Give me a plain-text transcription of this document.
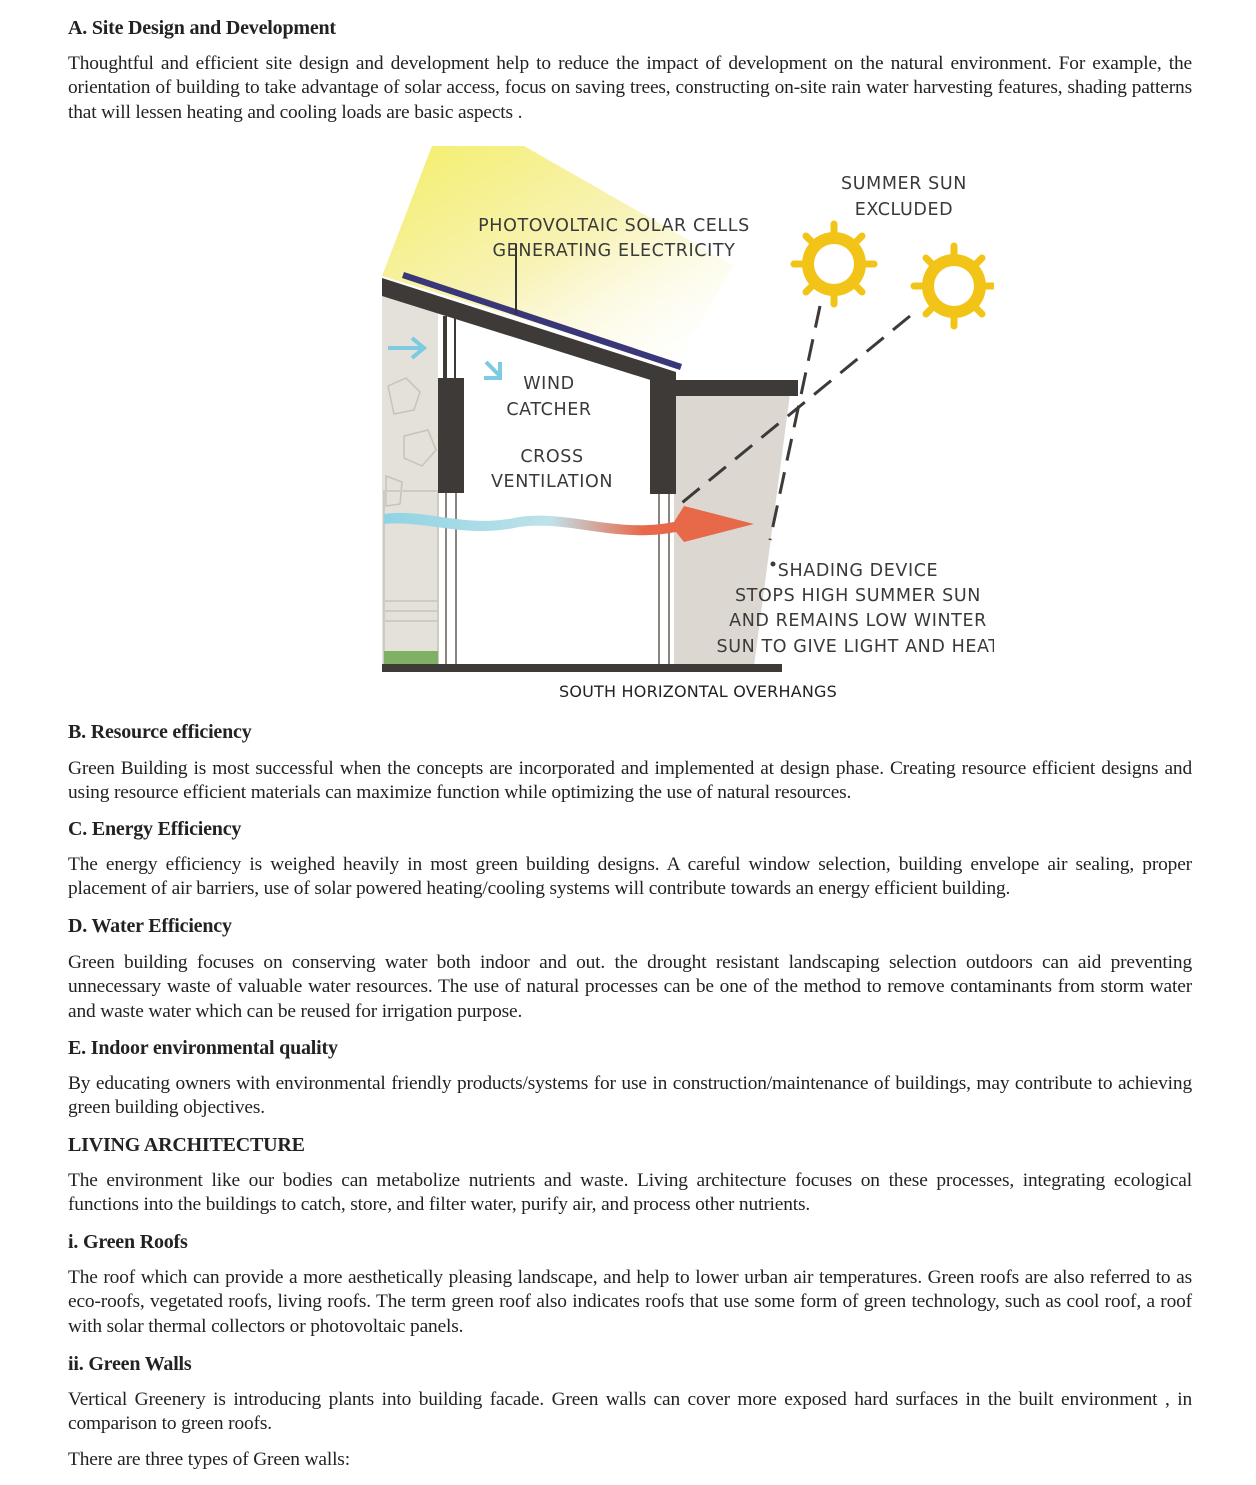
A. Site Design and Development

Thoughtful and efficient site design and development help to reduce the impact of development on the natural environment. For example, the orientation of building to take advantage of solar access, focus on saving trees, constructing on-site rain water harvesting features, shading patterns that will lessen heating and cooling loads are basic aspects .

SUMMER SUN
EXCLUDED
PHOTOVOLTAIC SOLAR CELLS
GENERATING ELECTRICITY
WIND
CATCHER
CROSS
VENTILATION
SHADING DEVICE
STOPS HIGH SUMMER SUN
AND REMAINS LOW WINTER
SUN TO GIVE LIGHT AND HEAT
SOUTH HORIZONTAL OVERHANGS
B. Resource efficiency

Green Building is most successful when the concepts are incorporated and implemented at design phase. Creating resource efficient designs and using resource efficient materials can maximize function while optimizing the use of natural resources.

C. Energy Efficiency

The energy efficiency is weighed heavily in most green building designs. A careful window selection, building envelope air sealing, proper placement of air barriers, use of solar powered heating/cooling systems will contribute towards an energy efficient building.

D. Water Efficiency

Green building focuses on conserving water both indoor and out. the drought resistant landscaping selection outdoors can aid preventing unnecessary waste of valuable water resources. The use of natural processes can be one of the method to remove contaminants from storm water and waste water which can be reused for irrigation purpose.

E. Indoor environmental quality

By educating owners with environmental friendly products/systems for use in construction/maintenance of buildings, may contribute to achieving green building objectives.

LIVING ARCHITECTURE

The environment like our bodies can metabolize nutrients and waste. Living architecture focuses on these processes, integrating ecological functions into the buildings to catch, store, and filter water, purify air, and process other nutrients.

i. Green Roofs

The roof which can provide a more aesthetically pleasing landscape, and help to lower urban air temperatures. Green roofs are also referred to as eco-roofs, vegetated roofs, living roofs. The term green roof also indicates roofs that use some form of green technology, such as cool roof, a roof with solar thermal collectors or photovoltaic panels.

ii. Green Walls

Vertical Greenery is introducing plants into building facade. Green walls can cover more exposed hard surfaces in the built environment , in comparison to green roofs.

There are three types of Green walls:
